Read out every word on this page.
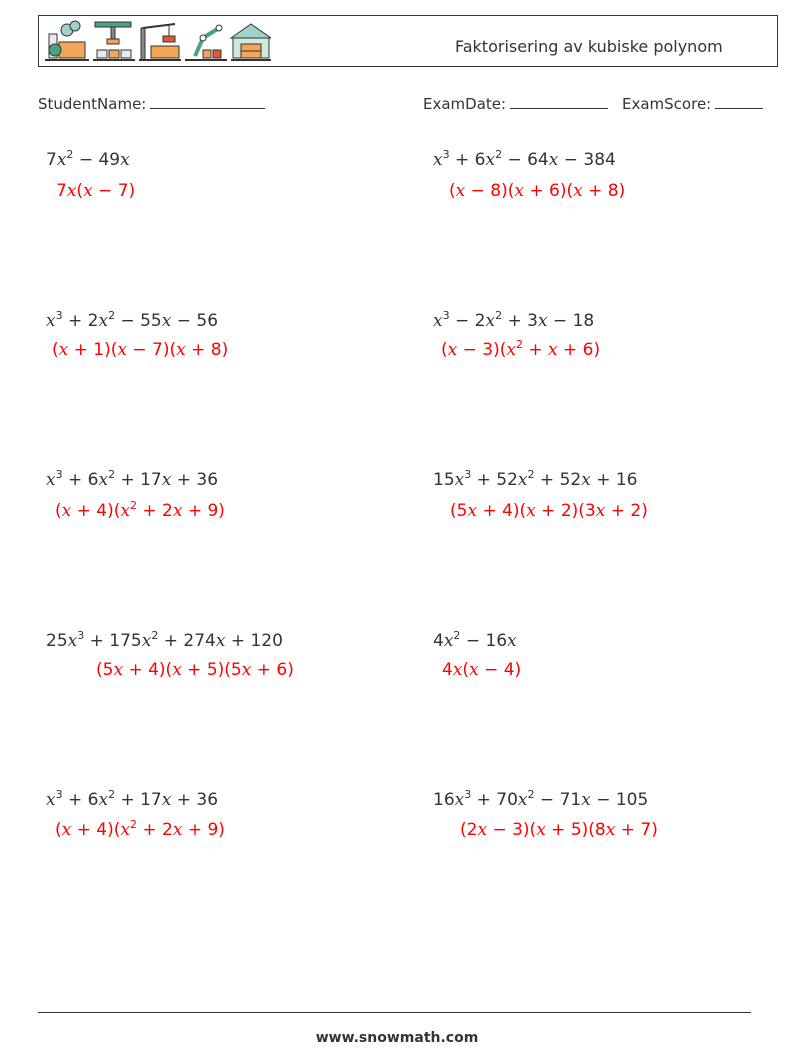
Faktorisering av kubiske polynom
StudentName:	ExamDate:	ExamScore:
$7x^2 - 49x$
7x(x − 7)
$x^3 + 6x^2 - 64x - 384$
(x − 8)(x + 6)(x + 8)
$x^3 + 2x^2 - 55x - 56$
(x + 1)(x − 7)(x + 8)
$x^3 - 2x^2 + 3x - 18$
$(x - 3)(x^2 + x + 6)$
$x^3 + 6x^2 + 17x + 36$
$(x + 4)(x^2 + 2x + 9)$
$15x^3 + 52x^2 + 52x + 16$
(5x + 4)(x + 2)(3x + 2)
$25x^3 + 175x^2 + 274x + 120$
(5x + 4)(x + 5)(5x + 6)
$4x^2 - 16x$
4x(x − 4)
$x^3 + 6x^2 + 17x + 36$
$(x + 4)(x^2 + 2x + 9)$
$16x^3 + 70x^2 - 71x - 105$
(2x − 3)(x + 5)(8x + 7)
www.snowmath.com
